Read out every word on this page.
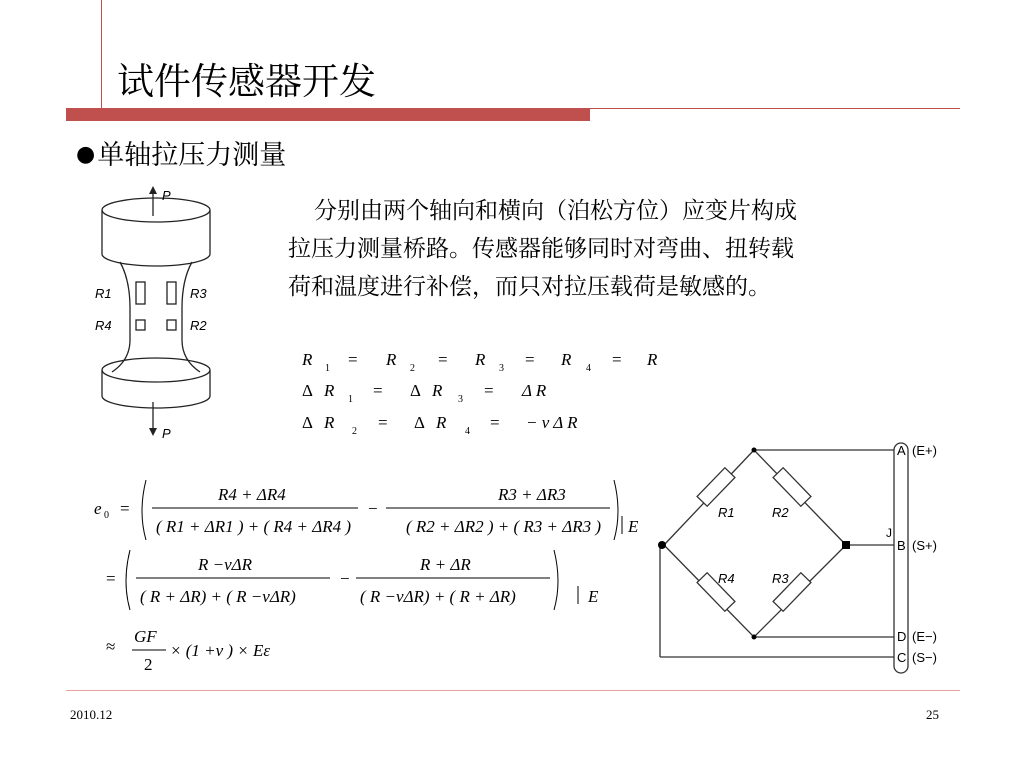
试件传感器开发
●单轴拉压力测量
分别由两个轴向和横向（泊松方位）应变片构成
拉压力测量桥路。传感器能够同时对弯曲、扭转载
荷和温度进行补偿，而只对拉压载荷是敏感的。
P
P
R1	R3
R4	R2
R 1 = R 2 = R 3 = R 4 = R
Δ R 1 = Δ R 3 = Δ R
Δ R 2 = Δ R 4 = − ν Δ R
e 0 =
R4 + ΔR4
( R1 + ΔR1 ) + ( R4 + ΔR4 )
−
R3 + ΔR3
( R2 + ΔR2 ) + ( R3 + ΔR3 ) E
=
R −νΔR
( R + ΔR) + ( R −νΔR)
−
R + ΔR
( R −νΔR) + ( R + ΔR)	E
≈
GF
2
× (1 +ν ) × Eε
R1	R2
R4	R3
J
A (E+)
B (S+)
D (E−)
C (S−)
2010.12	25
